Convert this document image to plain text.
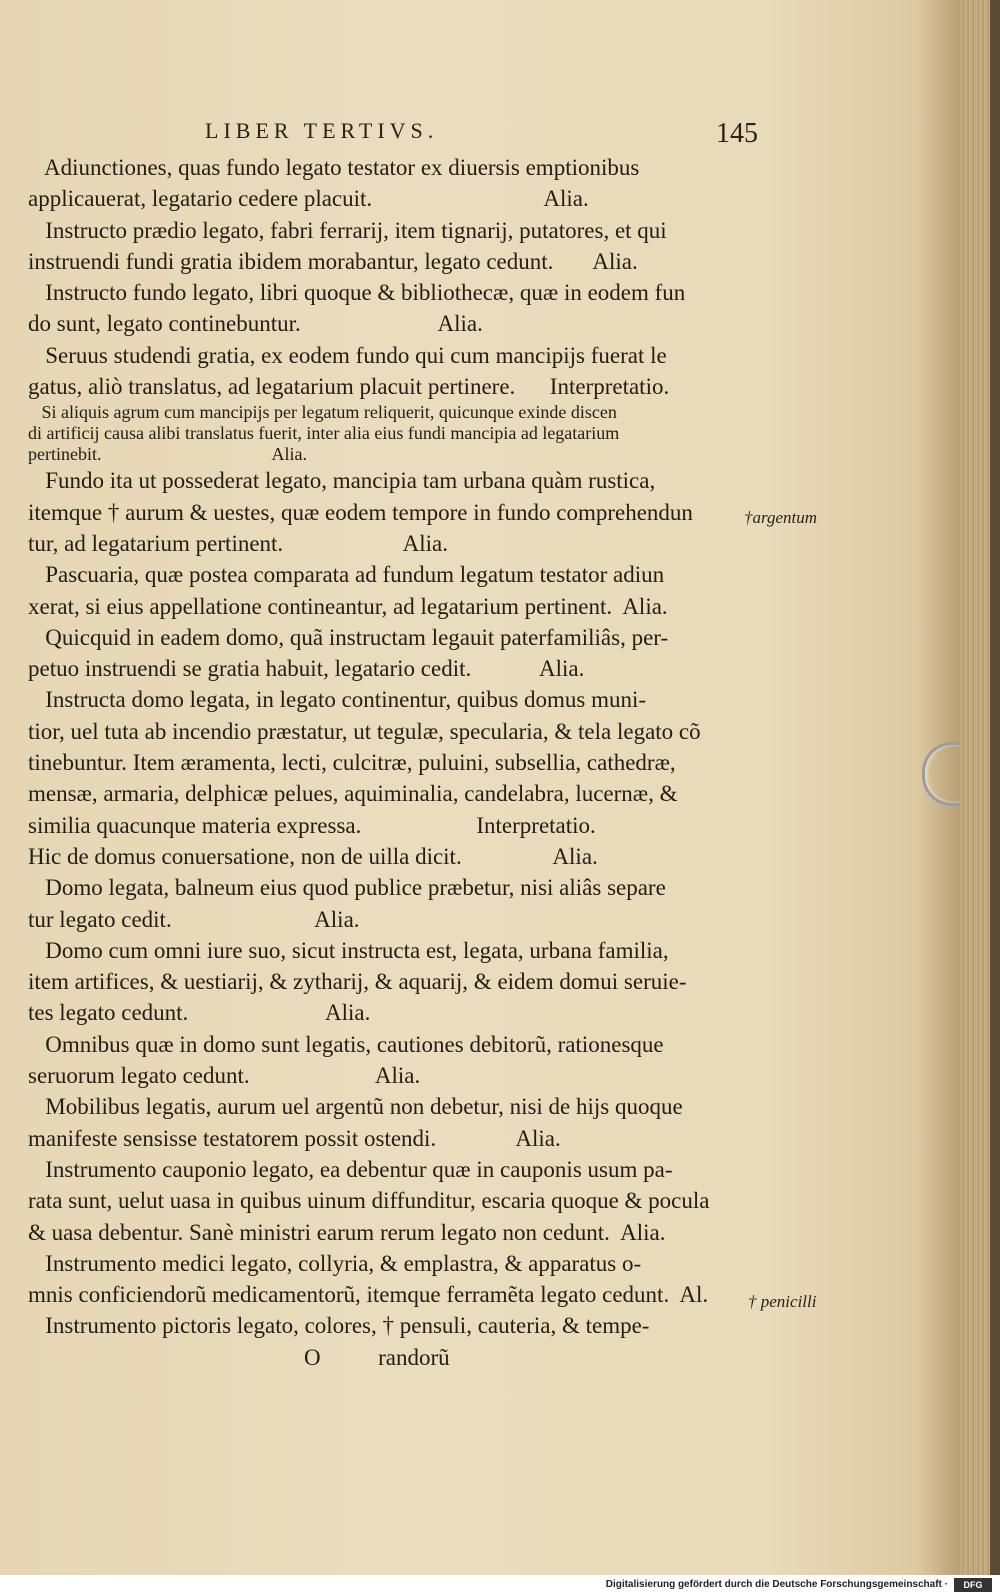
LIBER TERTIVS.	145
Adiunctiones, quas fundo legato testator ex diuersis emptionibus
applicauerat, legatario cedere placuit.                              Alia.
Instructo prædio legato, fabri ferrarij, item tignarij, putatores, et qui
instruendi fundi gratia ibidem morabantur, legato cedunt.       Alia.
Instructo fundo legato, libri quoque & bibliothecæ, quæ in eodem fun
do sunt, legato continebuntur.                        Alia.
Seruus studendi gratia, ex eodem fundo qui cum mancipijs fuerat le
gatus, aliò translatus, ad legatarium placuit pertinere.      Interpretatio.
Si aliquis agrum cum mancipijs per legatum reliquerit, quicunque exinde discen
di artificij causa alibi translatus fuerit, inter alia eius fundi mancipia ad legatarium
pertinebit.                                      Alia.
Fundo ita ut possederat legato, mancipia tam urbana quàm rustica,
itemque † aurum & uestes, quæ eodem tempore in fundo comprehendun
tur, ad legatarium pertinent.                     Alia.
Pascuaria, quæ postea comparata ad fundum legatum testator adiun
xerat, si eius appellatione contineantur, ad legatarium pertinent.  Alia.
Quicquid in eadem domo, quã instructam legauit paterfamiliâs, per-
petuo instruendi se gratia habuit, legatario cedit.            Alia.
Instructa domo legata, in legato continentur, quibus domus muni-
tior, uel tuta ab incendio præstatur, ut tegulæ, specularia, & tela legato cõ
tinebuntur. Item æramenta, lecti, culcitræ, puluini, subsellia, cathedræ,
mensæ, armaria, delphicæ pelues, aquiminalia, candelabra, lucernæ, &
similia quacunque materia expressa.                    Interpretatio.
Hic de domus conuersatione, non de uilla dicit.                Alia.
Domo legata, balneum eius quod publice præbetur, nisi aliâs separe
tur legato cedit.                         Alia.
Domo cum omni iure suo, sicut instructa est, legata, urbana familia,
item artifices, & uestiarij, & zytharij, & aquarij, & eidem domui seruie-
tes legato cedunt.                        Alia.
Omnibus quæ in domo sunt legatis, cautiones debitorũ, rationesque
seruorum legato cedunt.                      Alia.
Mobilibus legatis, aurum uel argentũ non debetur, nisi de hijs quoque
manifeste sensisse testatorem possit ostendi.              Alia.
Instrumento cauponio legato, ea debentur quæ in cauponis usum pa-
rata sunt, uelut uasa in quibus uinum diffunditur, escaria quoque & pocula
& uasa debentur. Sanè ministri earum rerum legato non cedunt.  Alia.
Instrumento medici legato, collyria, & emplastra, & apparatus o-
mnis conficiendorũ medicamentorũ, itemque ferramẽta legato cedunt.  Al.
Instrumento pictoris legato, colores, † pensuli, cauteria, & tempe-
O          randorũ
†argentum
† penicilli
Digitalisierung gefördert durch die Deutsche Forschungsgemeinschaft ·	DFG
